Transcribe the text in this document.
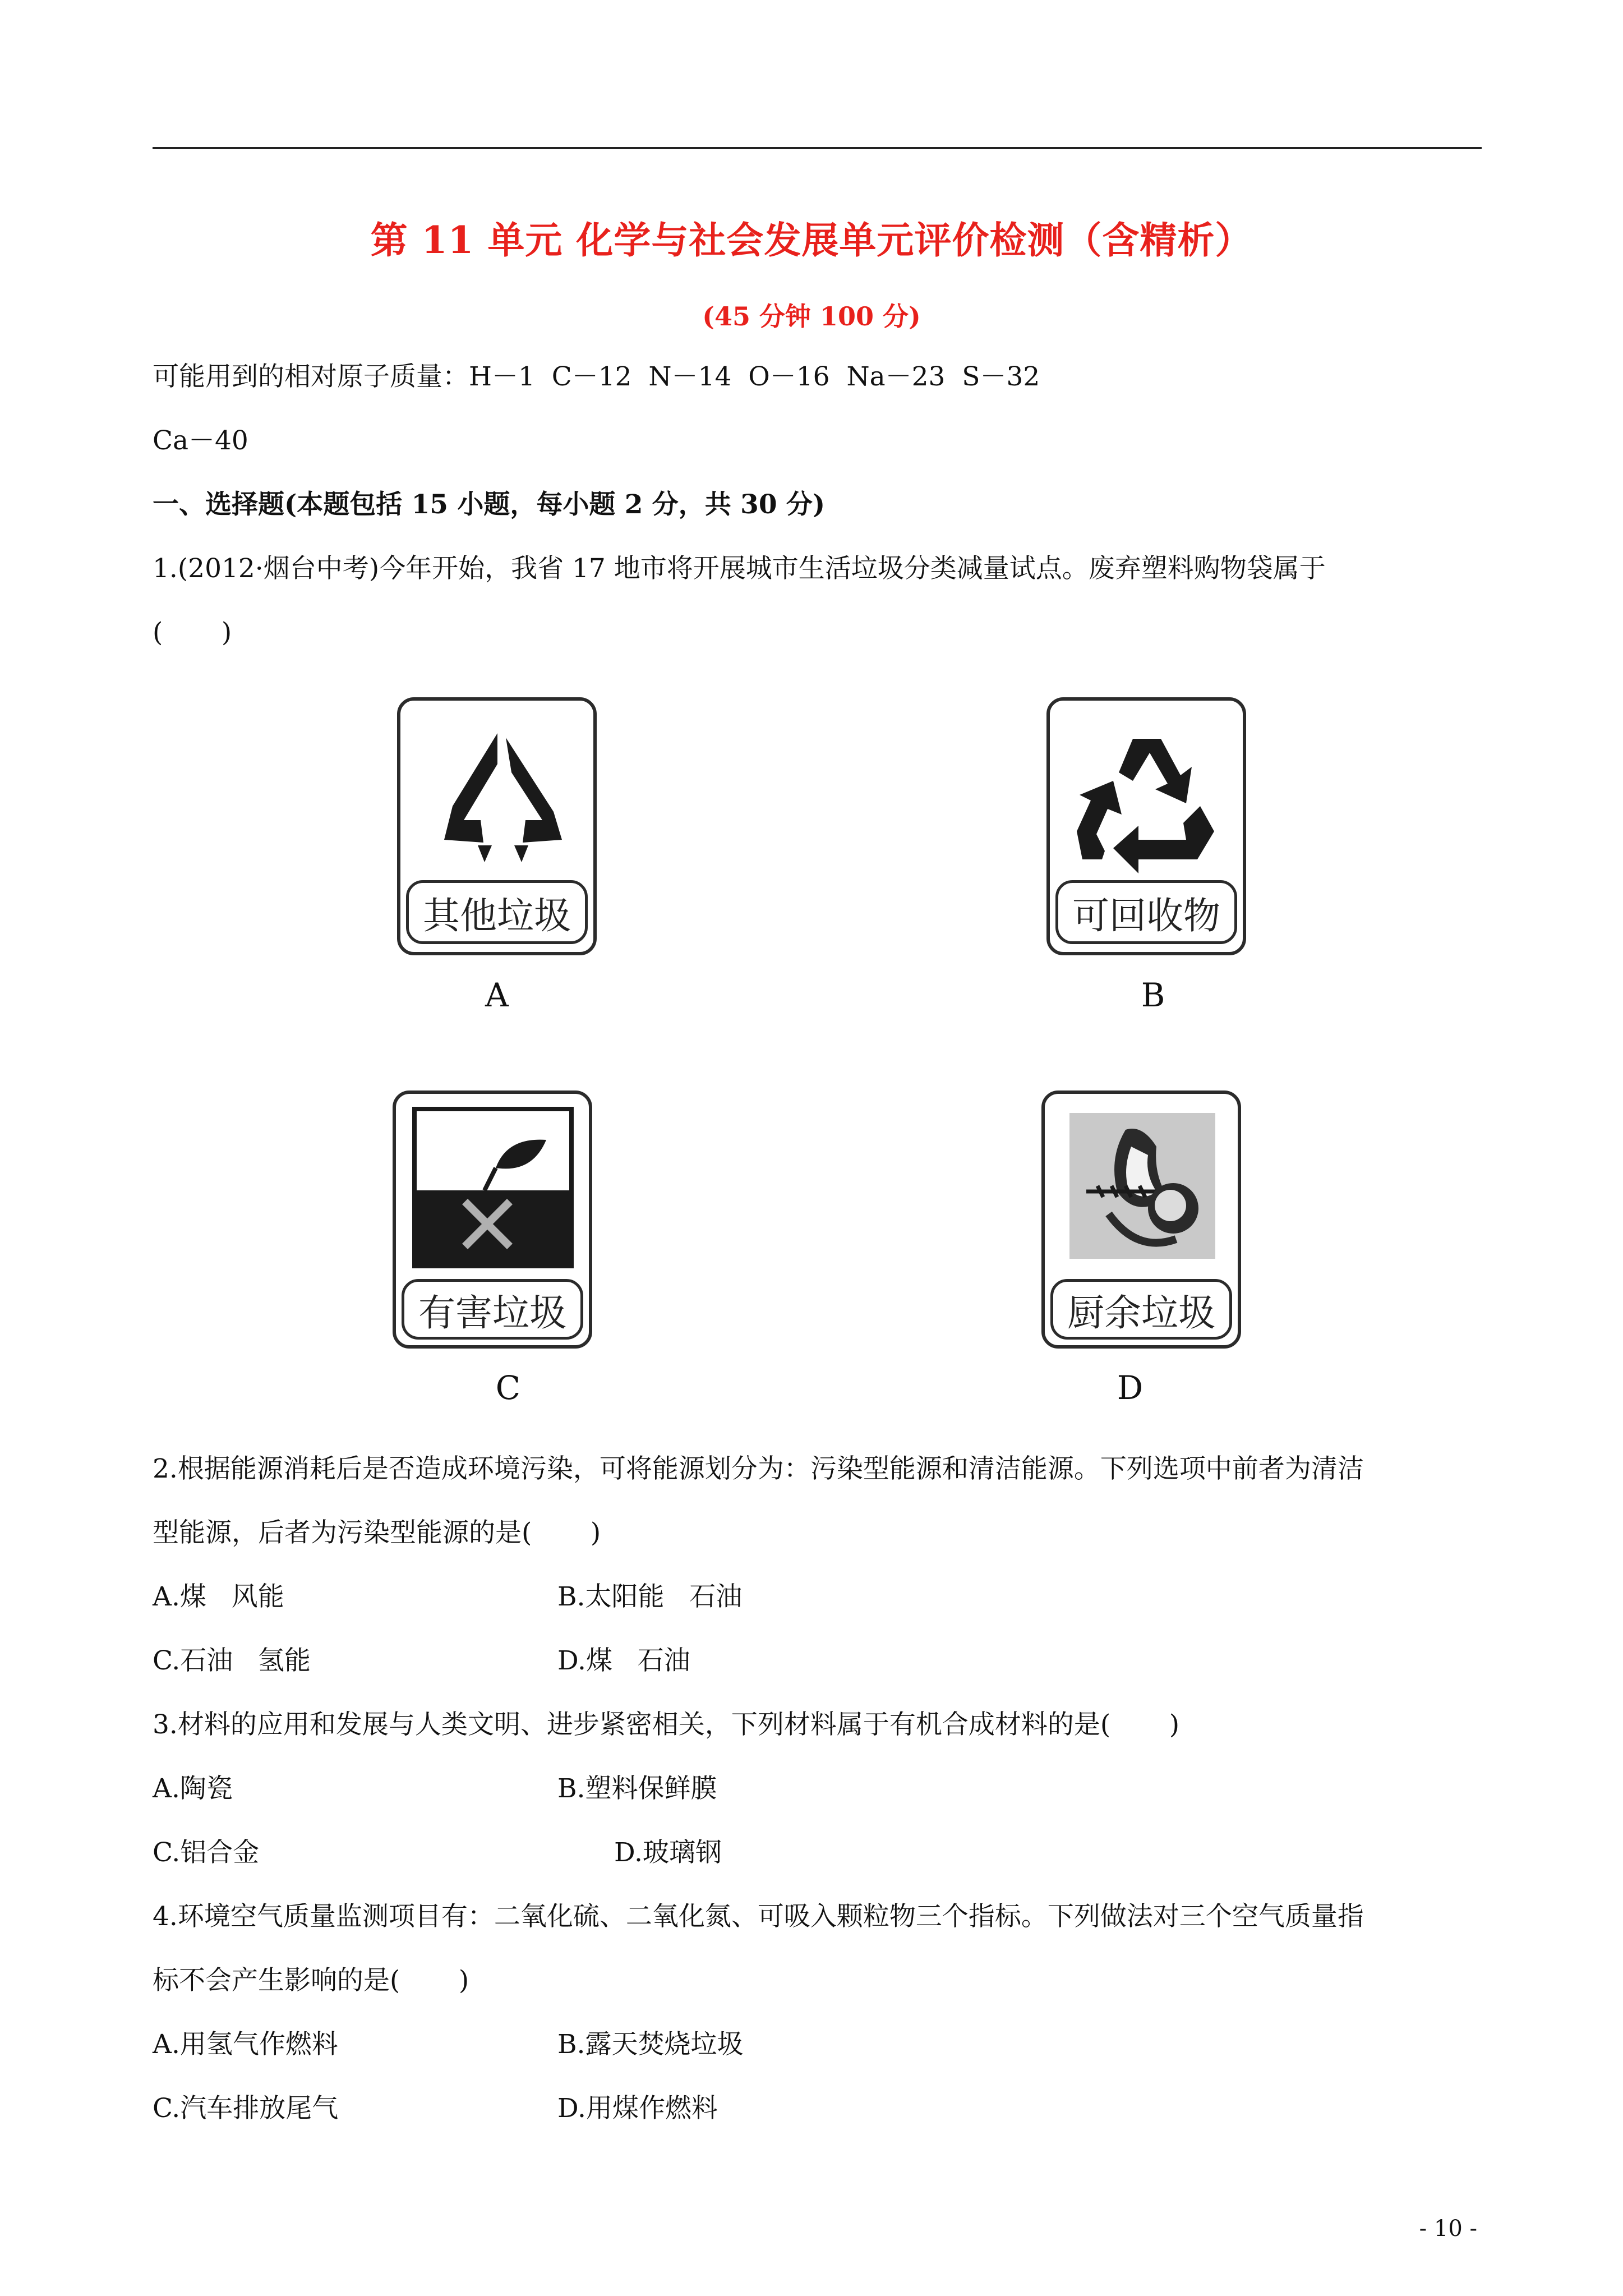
第 11 单元 化学与社会发展单元评价检测（含精析）
(45 分钟 100 分)
可能用到的相对原子质量：H－1  C－12  N－14  O－16  Na－23  S－32
Ca－40
一、选择题(本题包括 15 小题，每小题 2 分，共 30 分)
1.(2012·烟台中考)今年开始，我省 17 地市将开展城市生活垃圾分类减量试点。废弃塑料购物袋属于
(       )
其他垃圾
A
可回收物
B
有害垃圾
C
厨余垃圾
D
2.根据能源消耗后是否造成环境污染，可将能源划分为：污染型能源和清洁能源。下列选项中前者为清洁
型能源，后者为污染型能源的是(       )
A.煤   风能	B.太阳能   石油
C.石油   氢能	D.煤   石油
3.材料的应用和发展与人类文明、进步紧密相关，下列材料属于有机合成材料的是(       )
A.陶瓷	B.塑料保鲜膜
C.铝合金	D.玻璃钢
4.环境空气质量监测项目有：二氧化硫、二氧化氮、可吸入颗粒物三个指标。下列做法对三个空气质量指
标不会产生影响的是(       )
A.用氢气作燃料	B.露天焚烧垃圾
C.汽车排放尾气	D.用煤作燃料
- 10 -
